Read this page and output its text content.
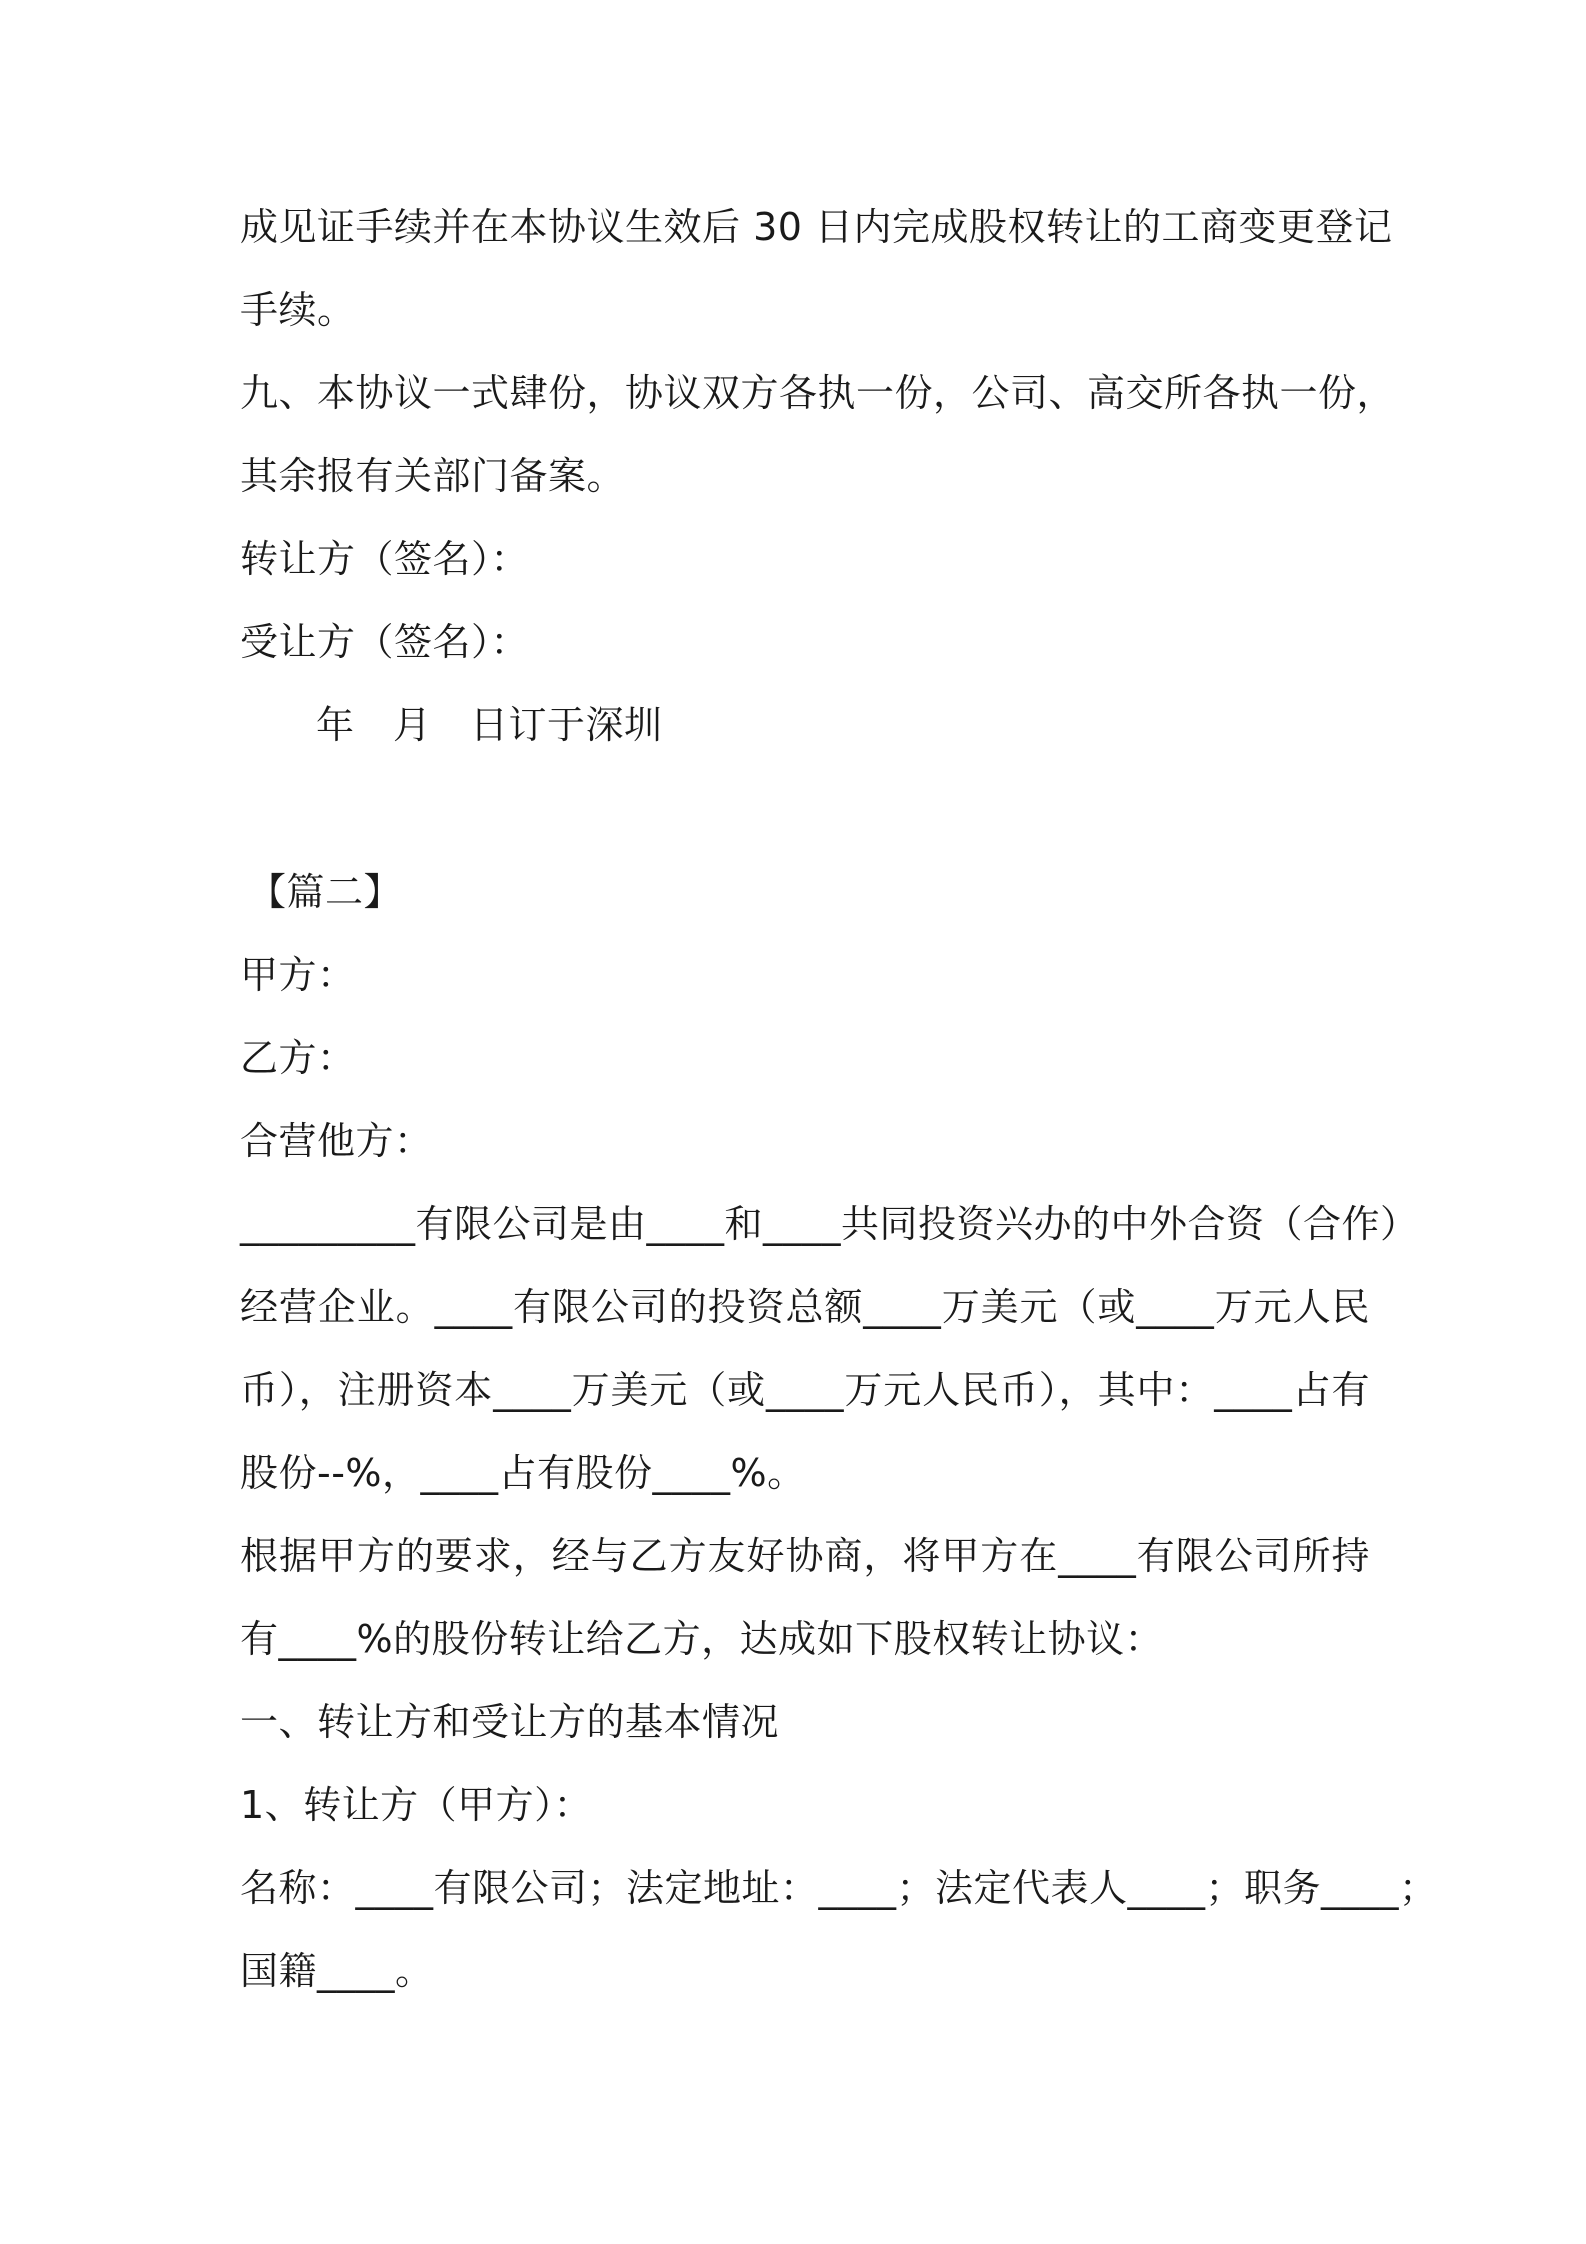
成见证手续并在本协议生效后 30 日内完成股权转让的工商变更登记
手续。
九、本协议一式肆份，协议双方各执一份，公司、高交所各执一份，
其余报有关部门备案。
转让方（签名）：
受让方（签名）：
年　月　日订于深圳
【篇二】
甲方：
乙方：
合营他方：
_________有限公司是由____和____共同投资兴办的中外合资（合作）
经营企业。____有限公司的投资总额____万美元（或____万元人民
币），注册资本____万美元（或____万元人民币），其中：____占有
股份--%，____占有股份____%。
根据甲方的要求，经与乙方友好协商，将甲方在____有限公司所持
有____%的股份转让给乙方，达成如下股权转让协议：
一、转让方和受让方的基本情况
1、转让方（甲方）：
名称：____有限公司；法定地址：____；法定代表人____；职务____；
国籍____。
